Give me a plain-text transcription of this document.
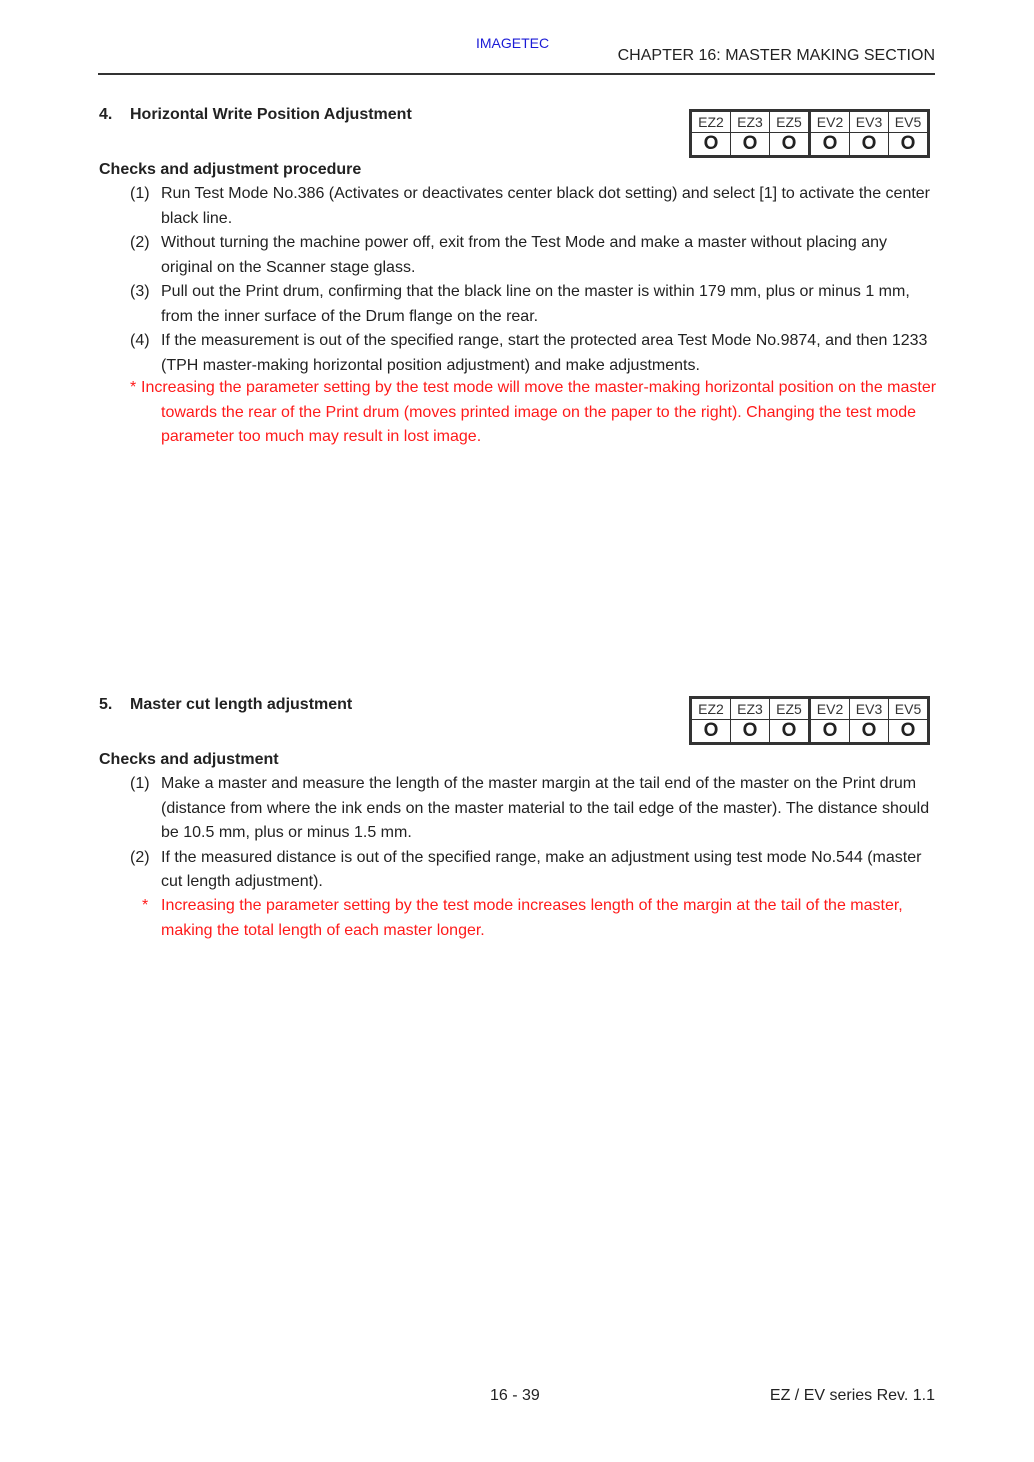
IMAGETEC
CHAPTER 16: MASTER MAKING SECTION
4. Horizontal Write Position Adjustment	EZ2	EZ3	EZ5	EV2	EV3	EV5
O	O	O	O	O	O
Checks and adjustment procedure
(1) Run Test Mode No.386 (Activates or deactivates center black dot setting) and select [1] to activate the center black line.
(2) Without turning the machine power off, exit from the Test Mode and make a master without placing any original on the Scanner stage glass.
(3) Pull out the Print drum, confirming that the black line on the master is within 179 mm, plus or minus 1 mm, from the inner surface of the Drum flange on the rear.
(4) If the measurement is out of the specified range, start the protected area Test Mode No.9874, and then 1233 (TPH master-making horizontal position adjustment) and make adjustments.
* Increasing the parameter setting by the test mode will move the master-making horizontal position on the master towards the rear of the Print drum (moves printed image on the paper to the right). Changing the test mode parameter too much may result in lost image.
5. Master cut length adjustment	EZ2	EZ3	EZ5	EV2	EV3	EV5
O	O	O	O	O	O
Checks and adjustment
(1) Make a master and measure the length of the master margin at the tail end of the master on the Print drum (distance from where the ink ends on the master material to the tail edge of the master). The distance should be 10.5 mm, plus or minus 1.5 mm.
(2) If the measured distance is out of the specified range, make an adjustment using test mode No.544 (master cut length adjustment).
* Increasing the parameter setting by the test mode increases length of the margin at the tail of the master, making the total length of each master longer.
16 - 39	EZ / EV series Rev. 1.1
